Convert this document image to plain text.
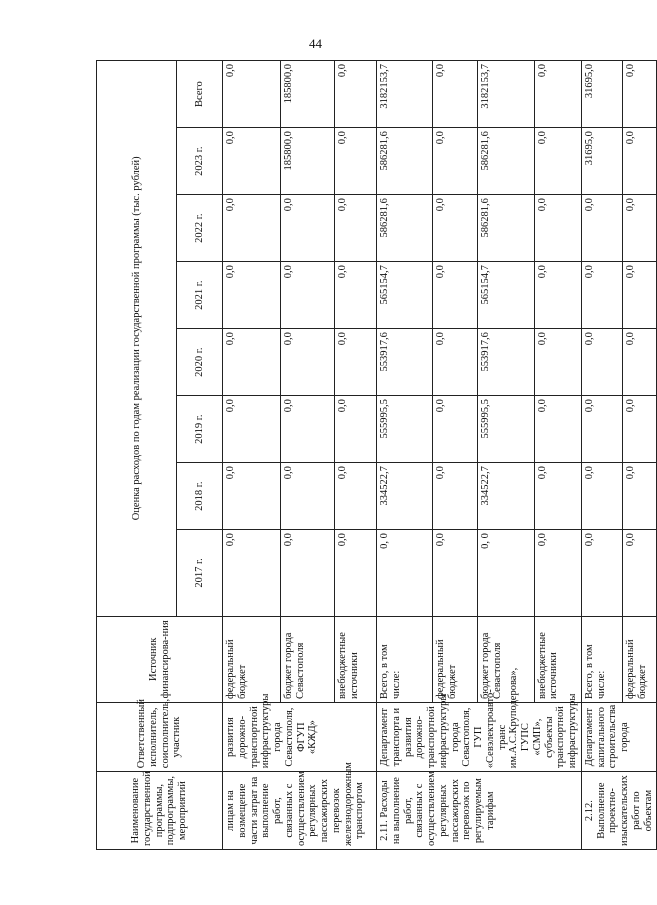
44
Наименование государственной программы, подпрограммы, мероприятий	Ответственный исполнитель, соисполнитель, участник	Источник финансирова-ния	Оценка расходов по годам реализации государственной программы (тыс. рублей)							
			2017 г.	2018 г.	2019 г.	2020 г.	2021 г.	2022 г.	2023 г.	Всего
лицам на возмещение части затрат на выполнение работ, связанных с осуществлением регулярных пассажирских перевозок железнодорожным транспортом	развития дорожно-транспортной инфраструктуры города Севастополя, ФГУП «КЖД»	федеральный бюджет	0,0	0,0	0,0	0,0	0,0	0,0	0,0	0,0
		бюджет города Севастополя	0,0	0,0	0,0	0,0	0,0	0,0	185800,0	185800,0
		внебюджетные источники	0,0	0,0	0,0	0,0	0,0	0,0	0,0	0,0
2.11. Расходы на выполнение работ, связанных с осуществлением регулярных пассажирских перевозок по регулируемым тарифам	Департамент транспорта и развития дорожно-транспортной инфраструктуры города Севастополя, ГУП «Севэлектроавто-транс им.А.С.Круподерова», ГУПС «СМП», субъекты транспортной инфраструктуры	Всего, в том числе:	0, 0	334522,7	555995,5	553917,6	565154,7	586281,6	586281,6	3182153,7
		федеральный бюджет	0,0	0,0	0,0	0,0	0,0	0,0	0,0	0,0
		бюджет города Севастополя	0, 0	334522,7	555995,5	553917,6	565154,7	586281,6	586281,6	3182153,7
		внебюджетные источники	0,0	0,0	0,0	0,0	0,0	0,0	0,0	0,0
2.12. Выполнение проектно-изыскательских работ по объектам	Департамент капитального строительства города	Всего, в том числе:	0,0	0,0	0,0	0,0	0,0	0,0	31695,0	31695,0
		федеральный бюджет	0,0	0,0	0,0	0,0	0,0	0,0	0,0	0,0
